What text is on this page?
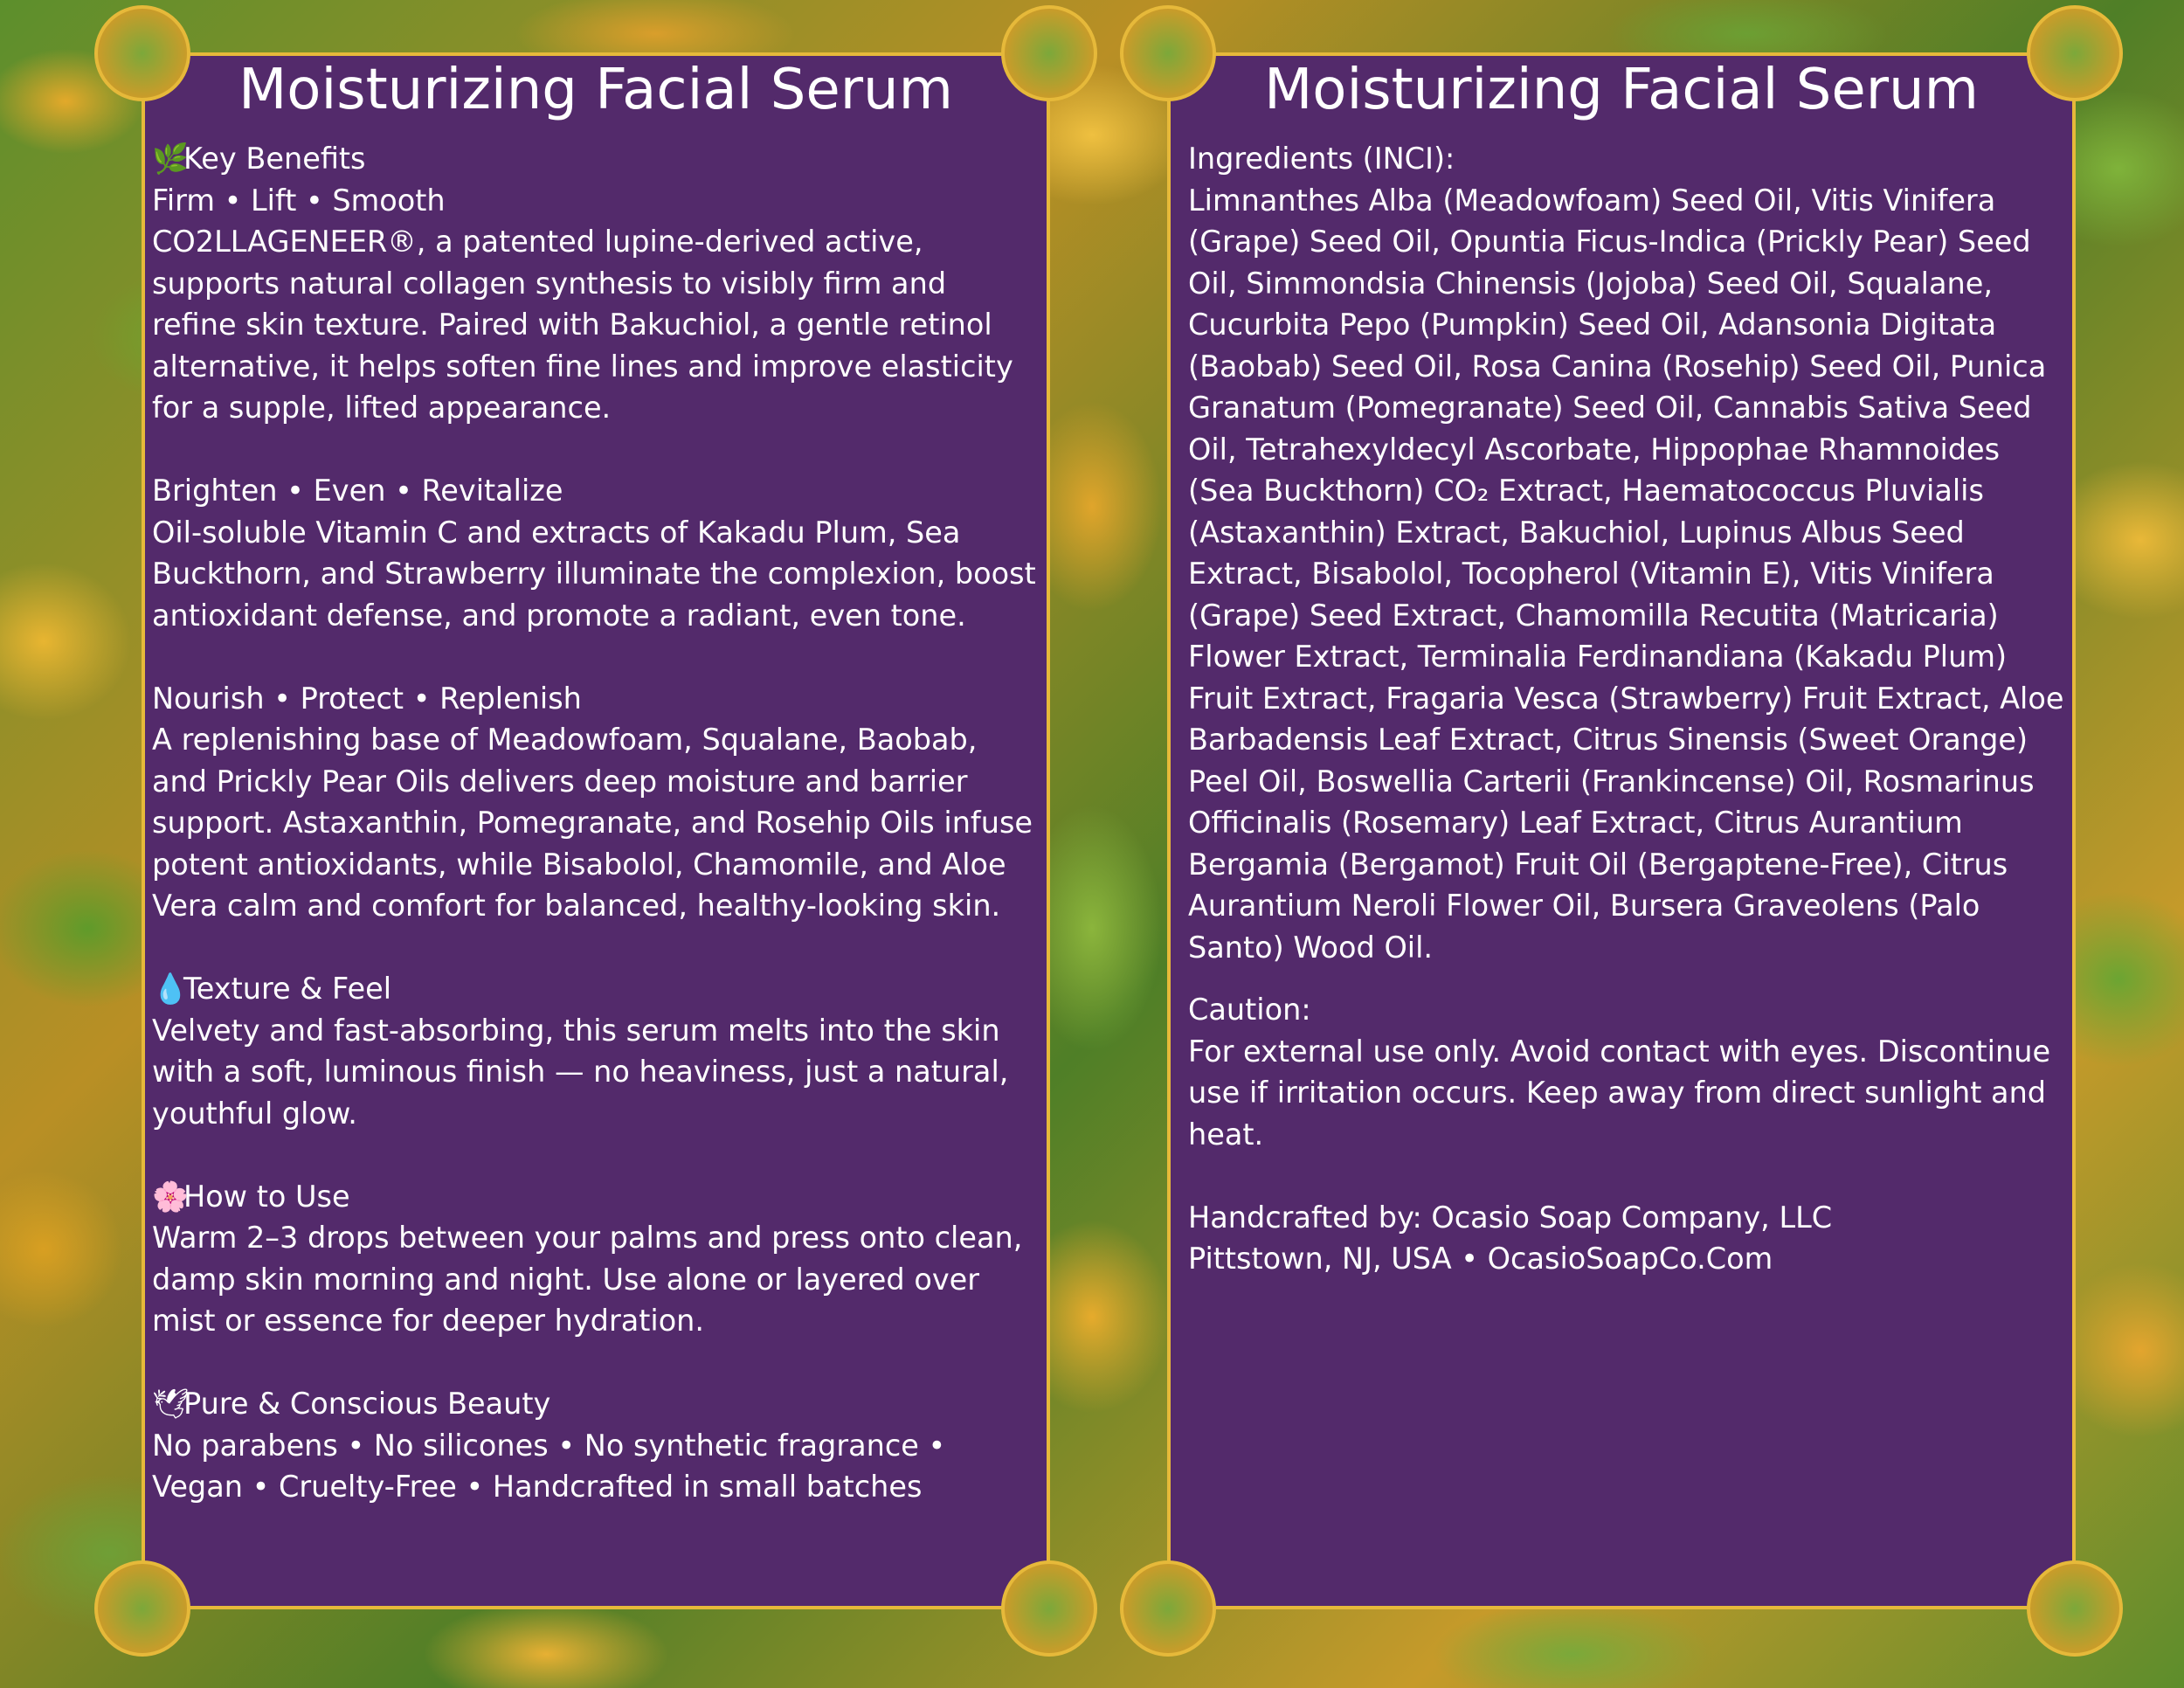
Moisturizing Facial Serum

🌿Key Benefits

Firm • Lift • Smooth

CO2LLAGENEER®, a patented lupine-derived active, supports natural collagen synthesis to visibly firm and refine skin texture. Paired with Bakuchiol, a gentle retinol alternative, it helps soften fine lines and improve elasticity for a supple, lifted appearance.

Brighten • Even • Revitalize

Oil-soluble Vitamin C and extracts of Kakadu Plum, Sea Buckthorn, and Strawberry illuminate the complexion, boost antioxidant defense, and promote a radiant, even tone.

Nourish • Protect • Replenish

A replenishing base of Meadowfoam, Squalane, Baobab, and Prickly Pear Oils delivers deep moisture and barrier support. Astaxanthin, Pomegranate, and Rosehip Oils infuse potent antioxidants, while Bisabolol, Chamomile, and Aloe Vera calm and comfort for balanced, healthy-looking skin.

💧Texture & Feel

Velvety and fast-absorbing, this serum melts into the skin with a soft, luminous finish — no heaviness, just a natural, youthful glow.

🌸How to Use

Warm 2–3 drops between your palms and press onto clean, damp skin morning and night. Use alone or layered over mist or essence for deeper hydration.

🕊Pure & Conscious Beauty

No parabens • No silicones • No synthetic fragrance • Vegan • Cruelty-Free • Handcrafted in small batches

Moisturizing Facial Serum

Ingredients (INCI):

Limnanthes Alba (Meadowfoam) Seed Oil, Vitis Vinifera (Grape) Seed Oil, Opuntia Ficus-Indica (Prickly Pear) Seed Oil, Simmondsia Chinensis (Jojoba) Seed Oil, Squalane, Cucurbita Pepo (Pumpkin) Seed Oil, Adansonia Digitata (Baobab) Seed Oil, Rosa Canina (Rosehip) Seed Oil, Punica Granatum (Pomegranate) Seed Oil, Cannabis Sativa Seed Oil, Tetrahexyldecyl Ascorbate, Hippophae Rhamnoides (Sea Buckthorn) CO₂ Extract, Haematococcus Pluvialis (Astaxanthin) Extract, Bakuchiol, Lupinus Albus Seed Extract, Bisabolol, Tocopherol (Vitamin E), Vitis Vinifera (Grape) Seed Extract, Chamomilla Recutita (Matricaria) Flower Extract, Terminalia Ferdinandiana (Kakadu Plum) Fruit Extract, Fragaria Vesca (Strawberry) Fruit Extract, Aloe Barbadensis Leaf Extract, Citrus Sinensis (Sweet Orange) Peel Oil, Boswellia Carterii (Frankincense) Oil, Rosmarinus Officinalis (Rosemary) Leaf Extract, Citrus Aurantium Bergamia (Bergamot) Fruit Oil (Bergaptene-Free), Citrus Aurantium Neroli Flower Oil, Bursera Graveolens (Palo Santo) Wood Oil.

Caution:

For external use only. Avoid contact with eyes. Discontinue use if irritation occurs. Keep away from direct sunlight and heat.

Handcrafted by: Ocasio Soap Company, LLC

Pittstown, NJ, USA • OcasioSoapCo.Com
